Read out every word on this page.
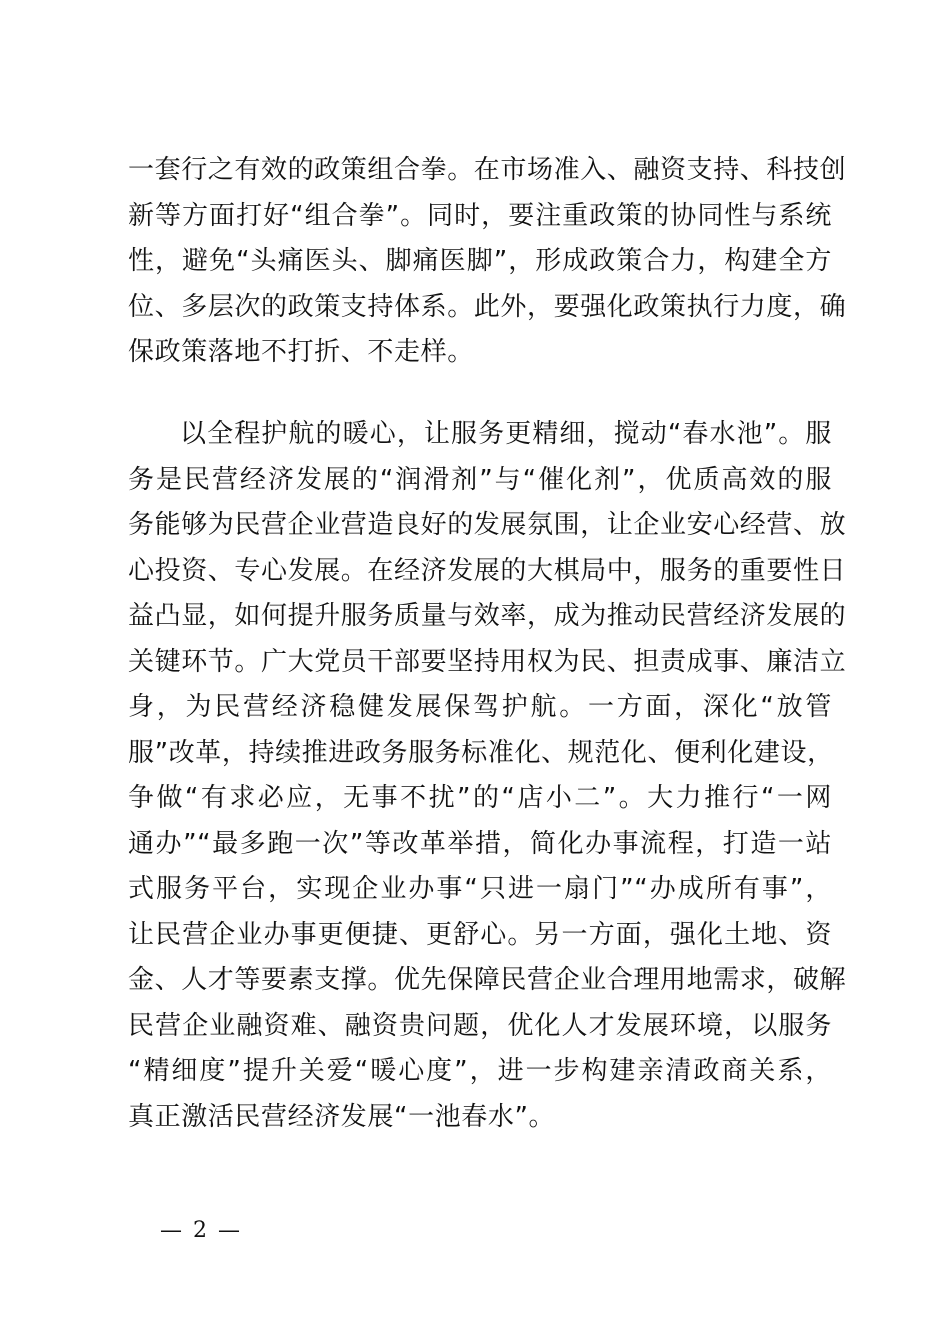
一套行之有效的政策组合拳。在市场准入、融资支持、科技创
新等方面打好“组合拳”。同时，要注重政策的协同性与系统
性，避免“头痛医头、脚痛医脚”，形成政策合力，构建全方
位、多层次的政策支持体系。此外，要强化政策执行力度，确
保政策落地不打折、不走样。
以全程护航的暖心，让服务更精细，搅动“春水池”。服
务是民营经济发展的“润滑剂”与“催化剂”，优质高效的服
务能够为民营企业营造良好的发展氛围，让企业安心经营、放
心投资、专心发展。在经济发展的大棋局中，服务的重要性日
益凸显，如何提升服务质量与效率，成为推动民营经济发展的
关键环节。广大党员干部要坚持用权为民、担责成事、廉洁立
身，为民营经济稳健发展保驾护航。一方面，深化“放管
服”改革，持续推进政务服务标准化、规范化、便利化建设，
争做“有求必应，无事不扰”的“店小二”。大力推行“一网
通办”“最多跑一次”等改革举措，简化办事流程，打造一站
式服务平台，实现企业办事“只进一扇门”“办成所有事”，
让民营企业办事更便捷、更舒心。另一方面，强化土地、资
金、人才等要素支撑。优先保障民营企业合理用地需求，破解
民营企业融资难、融资贵问题，优化人才发展环境，以服务
“精细度”提升关爱“暖心度”，进一步构建亲清政商关系，
真正激活民营经济发展“一池春水”。
— 2 —
